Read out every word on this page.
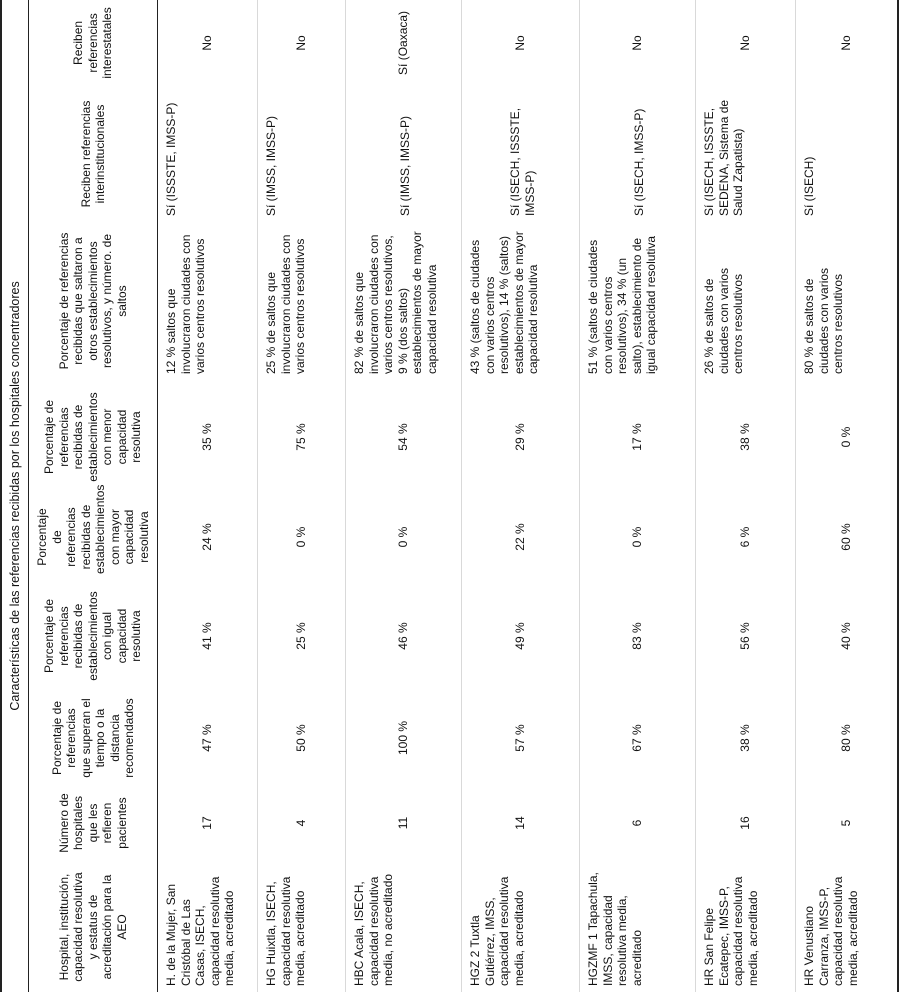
Características de las referencias recibidas por los hospitales concentradores								
Hospital, institución, capacidad resolutiva y estatus de acreditación para la AEO	Número de hospitales que les refieren pacientes	Porcentaje de referencias que superan el tiempo o la distancia recomendados	Porcentaje de referencias recibidas de establecimientos con igual capacidad resolutiva	Porcentaje de referencias recibidas de establecimientos con mayor capacidad resolutiva	Porcentaje de referencias recibidas de establecimientos con menor capacidad resolutiva	Porcentaje de referencias recibidas que saltaron a otros establecimientos resolutivos, y número. de saltos	Reciben referencias interinstitucionales	Reciben referencias interestatales
H. de la Mujer, San Cristóbal de Las Casas, ISECH, capacidad resolutiva media, acreditado	17	47 %	41 %	24 %	35 %	12 % saltos que involucraron ciudades con varios centros resolutivos	Sí (ISSSTE, IMSS-P)	No
HG Huixtla, ISECH, capacidad resolutiva media, acreditado	4	50 %	25 %	0 %	75 %	25 % de saltos que involucraron ciudades con varios centros resolutivos	Sí (IMSS, IMSS-P)	No
HBC Acala, ISECH, capacidad resolutiva media, no acreditado	11	100 %	46 %	0 %	54 %	82 % de saltos que involucraron ciudades con varios centros resolutivos, 9 % (dos saltos) establecimientos de mayor capacidad resolutiva	Sí (IMSS, IMSS-P)	Sí (Oaxaca)
HGZ 2 Tuxtla Gutiérrez, IMSS, capacidad resolutiva media, acreditado	14	57 %	49 %	22 %	29 %	43 % (saltos de ciudades con varios centros resolutivos), 14 % (saltos) establecimientos de mayor capacidad resolutiva	Sí (ISECH, ISSSTE, IMSS-P)	No
HGZMF 1 Tapachula, IMSS, capacidad resolutiva media, acreditado	6	67 %	83 %	0 %	17 %	51 % (saltos de ciudades con varios centros resolutivos), 34 % (un salto), establecimiento de igual capacidad resolutiva	Sí (ISECH, IMSS-P)	No
HR San Felipe Ecatepec, IMSS-P, capacidad resolutiva media, acreditado	16	38 %	56 %	6 %	38 %	26 % de saltos de ciudades con varios centros resolutivos	Sí (ISECH, ISSSTE, SEDENA, Sistema de Salud Zapatista)	No
HR Venustiano Carranza, IMSS-P, capacidad resolutiva media, acreditado	5	80 %	40 %	60 %	0 %	80 % de saltos de ciudades con varios centros resolutivos	Sí (ISECH)	No
